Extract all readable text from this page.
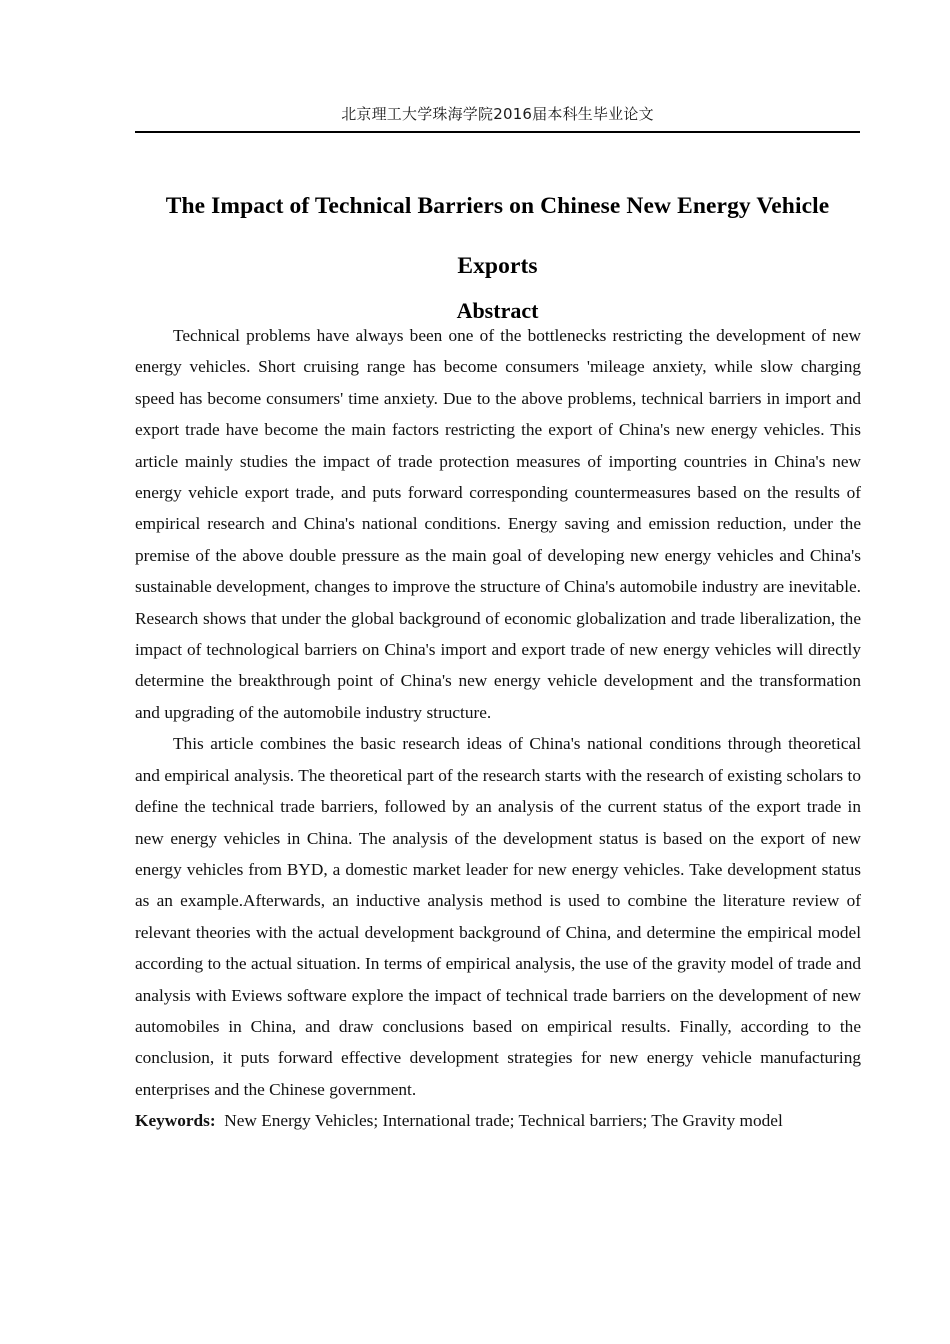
北京理工大学珠海学院2016届本科生毕业论文
The Impact of Technical Barriers on Chinese New Energy Vehicle
Exports
Abstract

Technical problems have always been one of the bottlenecks restricting the development of new energy vehicles. Short cruising range has become consumers 'mileage anxiety, while slow charging speed has become consumers' time anxiety. Due to the above problems, technical barriers in import and export trade have become the main factors restricting the export of China's new energy vehicles. This article mainly studies the impact of trade protection measures of importing countries in China's new energy vehicle export trade, and puts forward corresponding countermeasures based on the results of empirical research and China's national conditions. Energy saving and emission reduction, under the premise of the above double pressure as the main goal of developing new energy vehicles and China's sustainable development, changes to improve the structure of China's automobile industry are inevitable. Research shows that under the global background of economic globalization and trade liberalization, the impact of technological barriers on China's import and export trade of new energy vehicles will directly determine the breakthrough point of China's new energy vehicle development and the transformation and upgrading of the automobile industry structure.

This article combines the basic research ideas of China's national conditions through theoretical and empirical analysis. The theoretical part of the research starts with the research of existing scholars to define the technical trade barriers, followed by an analysis of the current status of the export trade in new energy vehicles in China. The analysis of the development status is based on the export of new energy vehicles from BYD, a domestic market leader for new energy vehicles. Take development status as an example.Afterwards, an inductive analysis method is used to combine the literature review of relevant theories with the actual development background of China, and determine the empirical model according to the actual situation. In terms of empirical analysis, the use of the gravity model of trade and analysis with Eviews software explore the impact of technical trade barriers on the development of new automobiles in China, and draw conclusions based on empirical results. Finally, according to the conclusion, it puts forward effective development strategies for new energy vehicle manufacturing enterprises and the Chinese government.

Keywords: New Energy Vehicles; International trade; Technical barriers; The Gravity model
